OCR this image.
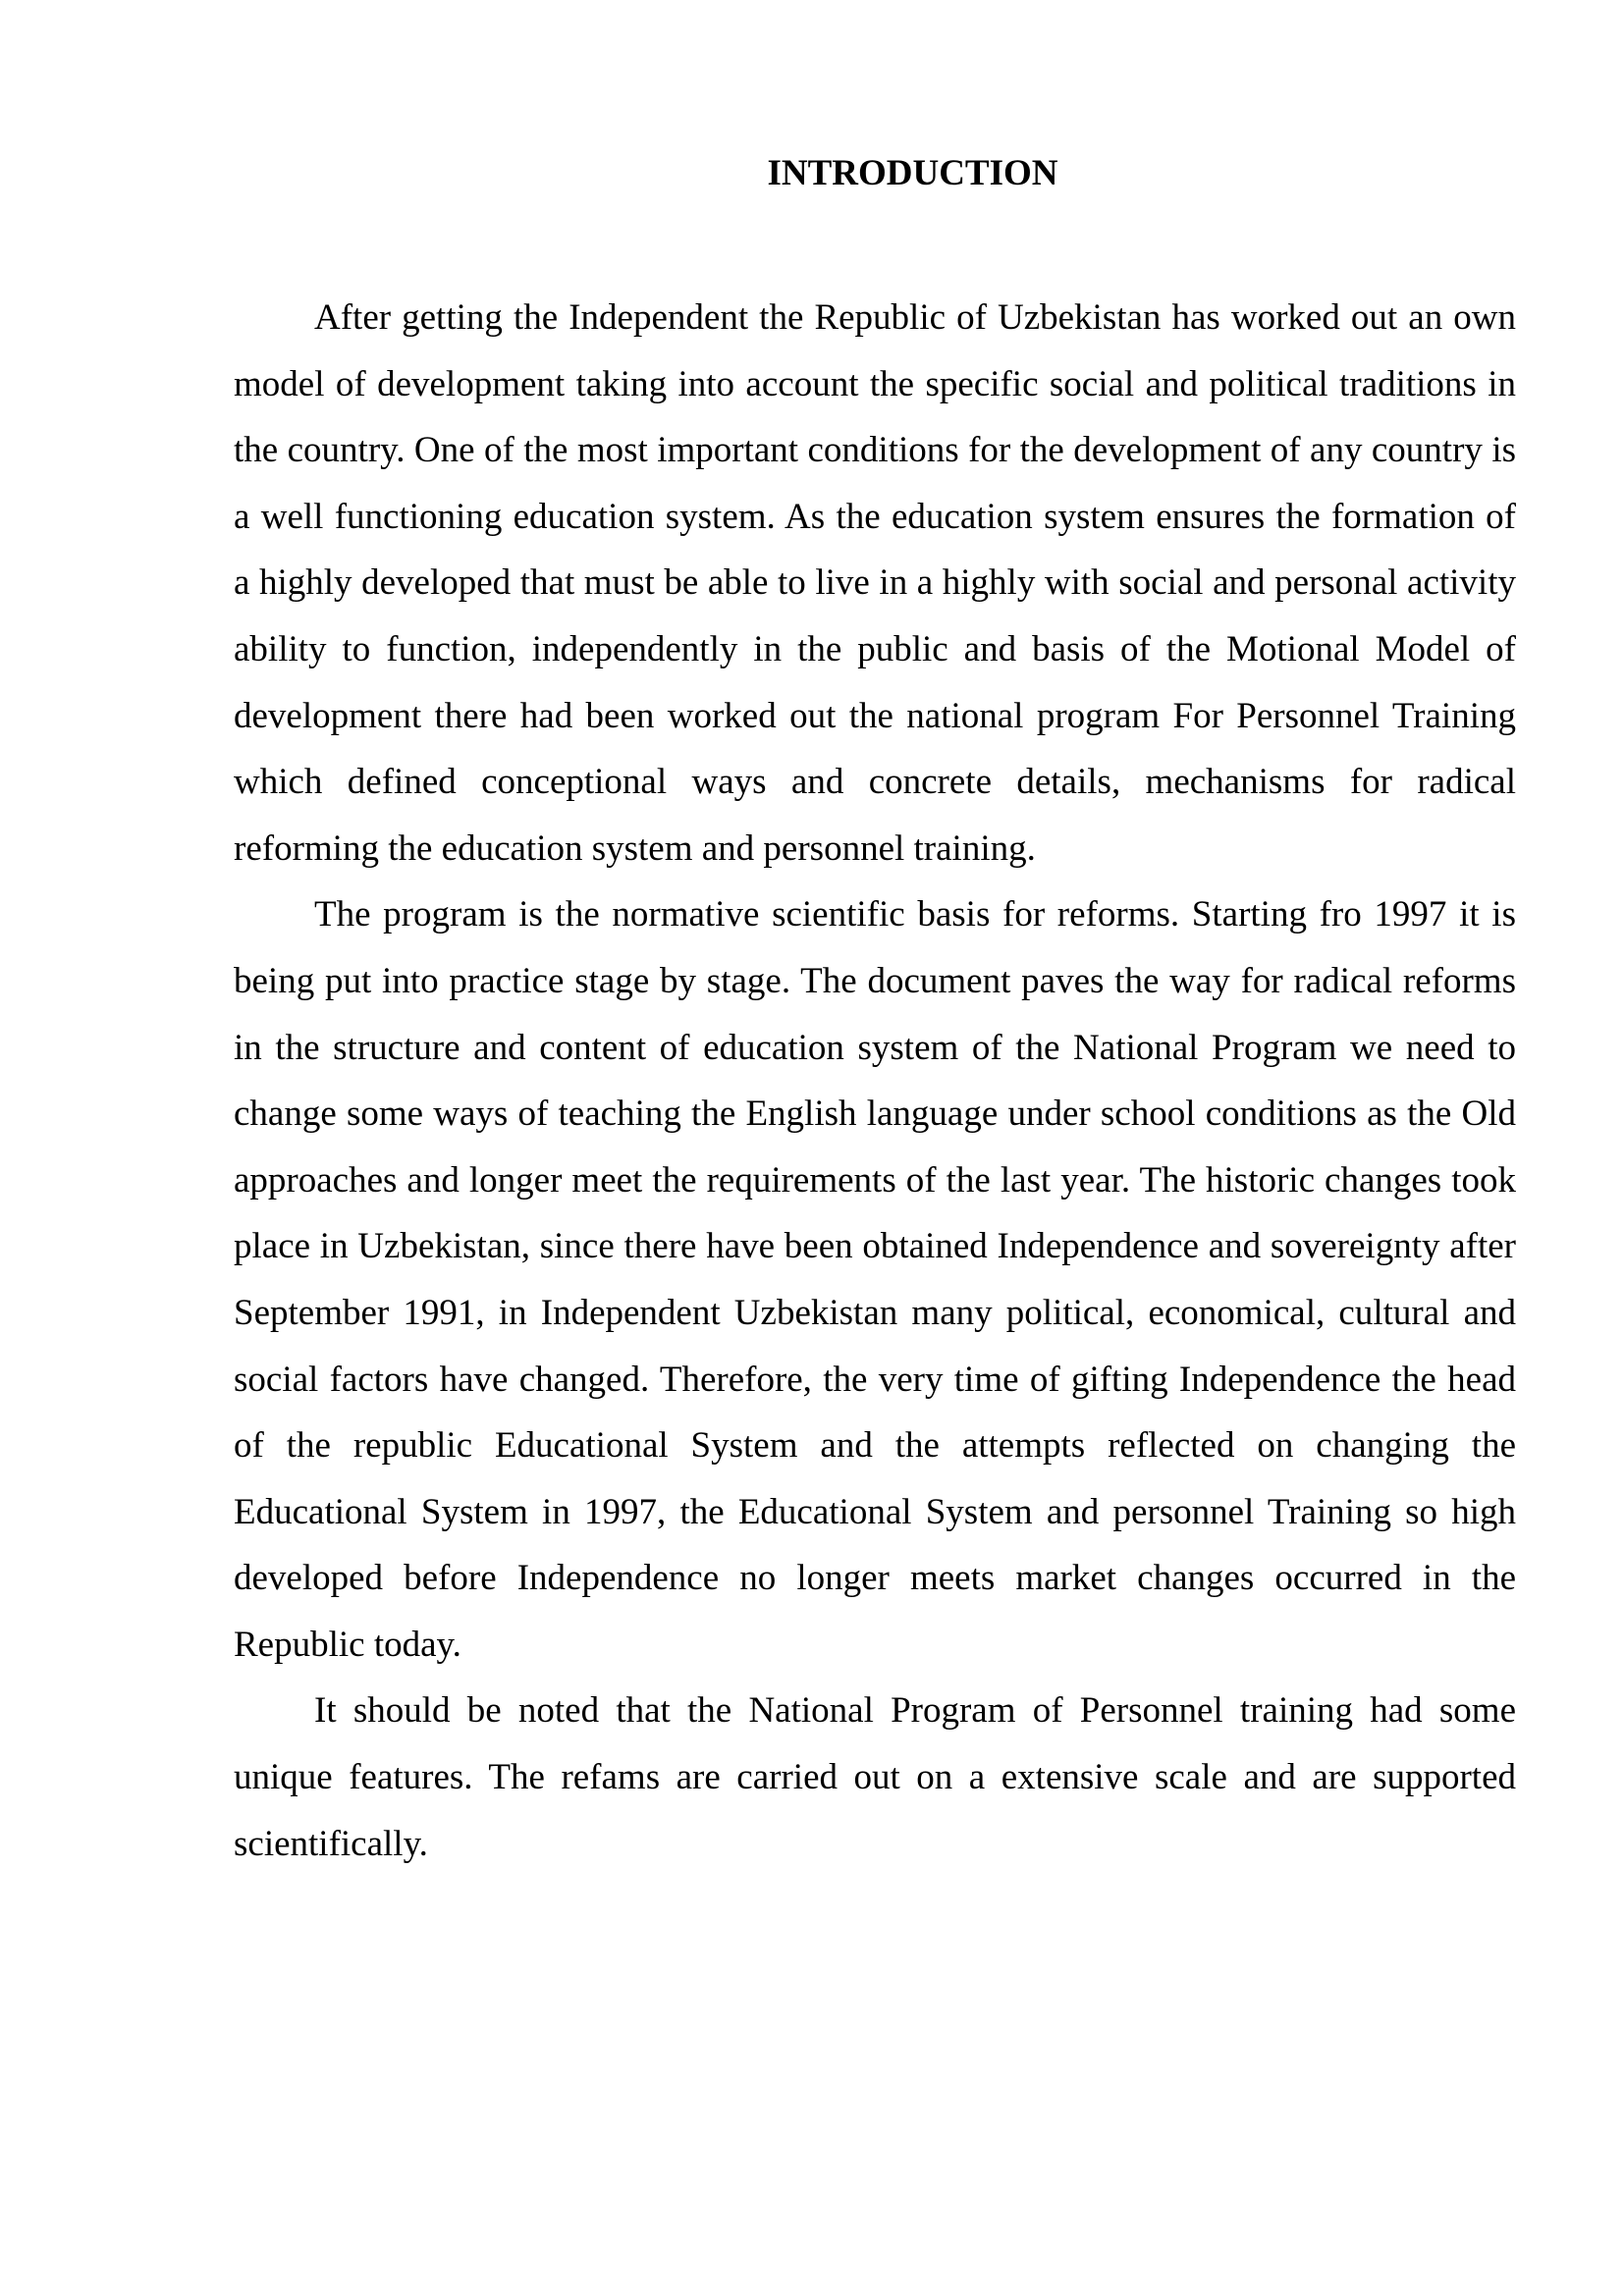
INTRODUCTION

After getting the Independent the Republic of Uzbekistan has worked out an own model of development taking into account the specific social and political traditions in the country. One of the most important conditions for the development of any country is a well functioning education system. As the education system ensures the formation of a highly developed that must be able to live in a highly with social and personal activity ability to function, independently in the public and basis of the Motional Model of development there had been worked out the national program For Personnel Training which defined conceptional ways and concrete details, mechanisms for radical reforming the education system and personnel training.

The program is the normative scientific basis for reforms. Starting fro 1997 it is being put into practice stage by stage. The document paves the way for radical reforms in the structure and content of education system of the National Program we need to change some ways of teaching the English language under school conditions as the Old approaches and longer meet the requirements of the last year. The historic changes took place in Uzbekistan, since there have been obtained Independence and sovereignty after September 1991, in Independent Uzbekistan many political, economical, cultural and social factors have changed. Therefore, the very time of gifting Independence the head of the republic Educational System and the attempts reflected on changing the Educational System in 1997, the Educational System and personnel Training so high developed before Independence no longer meets market changes occurred in the Republic today.

It should be noted that the National Program of Personnel training had some unique features. The refams are carried out on a extensive scale and are supported scientifically.
